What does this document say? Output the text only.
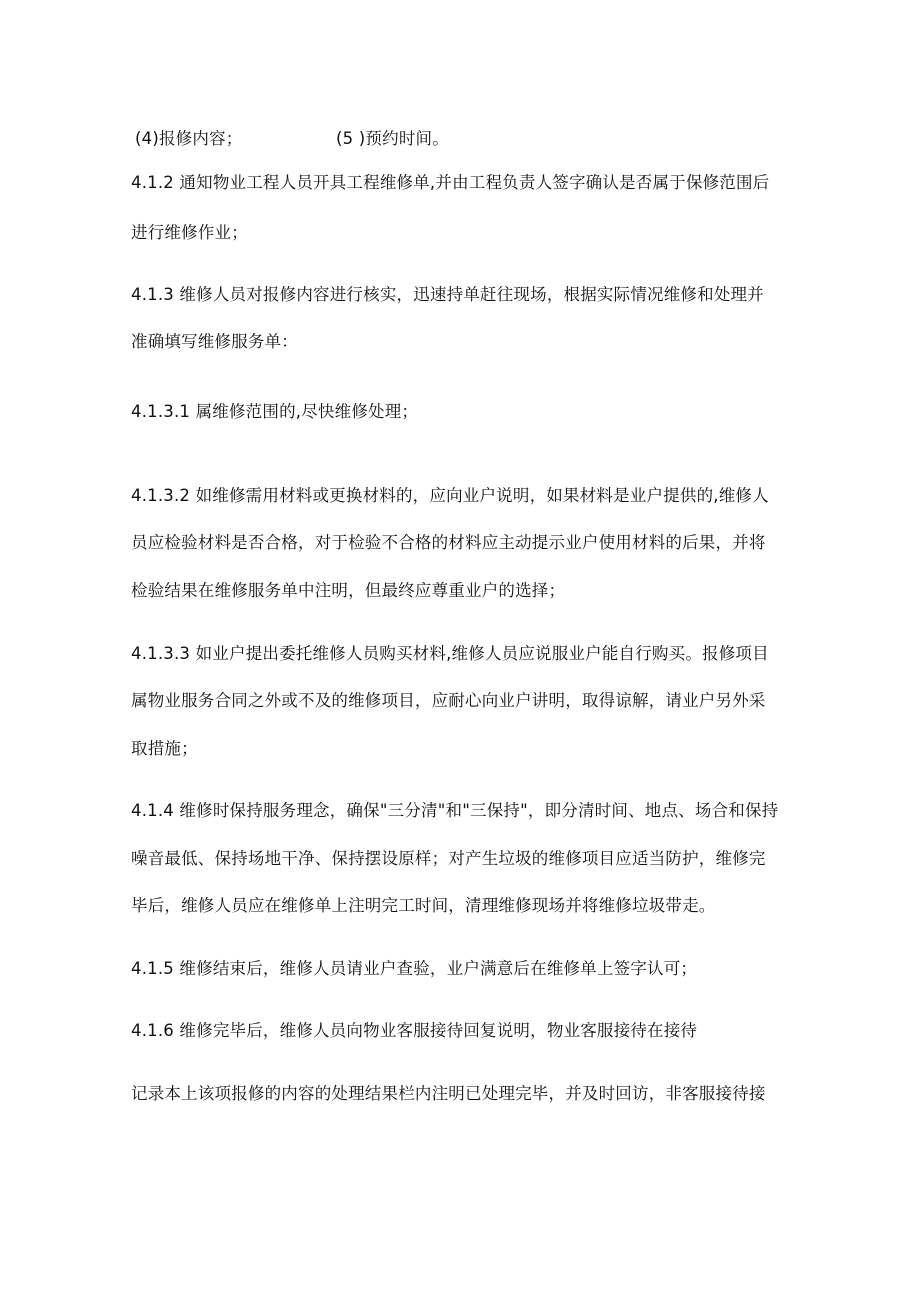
(4)报修内容；	(5 )预约时间。
4.1.2 通知物业工程人员开具工程维修单,并由工程负责人签字确认是否属于保修范围后
进行维修作业；
4.1.3 维修人员对报修内容进行核实，迅速持单赶往现场，根据实际情况维修和处理并
准确填写维修服务单：
4.1.3.1 属维修范围的,尽快维修处理；
4.1.3.2 如维修需用材料或更换材料的，应向业户说明，如果材料是业户提供的,维修人
员应检验材料是否合格，对于检验不合格的材料应主动提示业户使用材料的后果，并将
检验结果在维修服务单中注明，但最终应尊重业户的选择；
4.1.3.3 如业户提出委托维修人员购买材料,维修人员应说服业户能自行购买。报修项目
属物业服务合同之外或不及的维修项目，应耐心向业户讲明，取得谅解，请业户另外采
取措施；
4.1.4 维修时保持服务理念，确保"三分清"和"三保持"，即分清时间、地点、场合和保持
噪音最低、保持场地干净、保持摆设原样；对产生垃圾的维修项目应适当防护，维修完
毕后，维修人员应在维修单上注明完工时间，清理维修现场并将维修垃圾带走。
4.1.5 维修结束后，维修人员请业户查验，业户满意后在维修单上签字认可；
4.1.6 维修完毕后，维修人员向物业客服接待回复说明，物业客服接待在接待
记录本上该项报修的内容的处理结果栏内注明已处理完毕，并及时回访，非客服接待接
